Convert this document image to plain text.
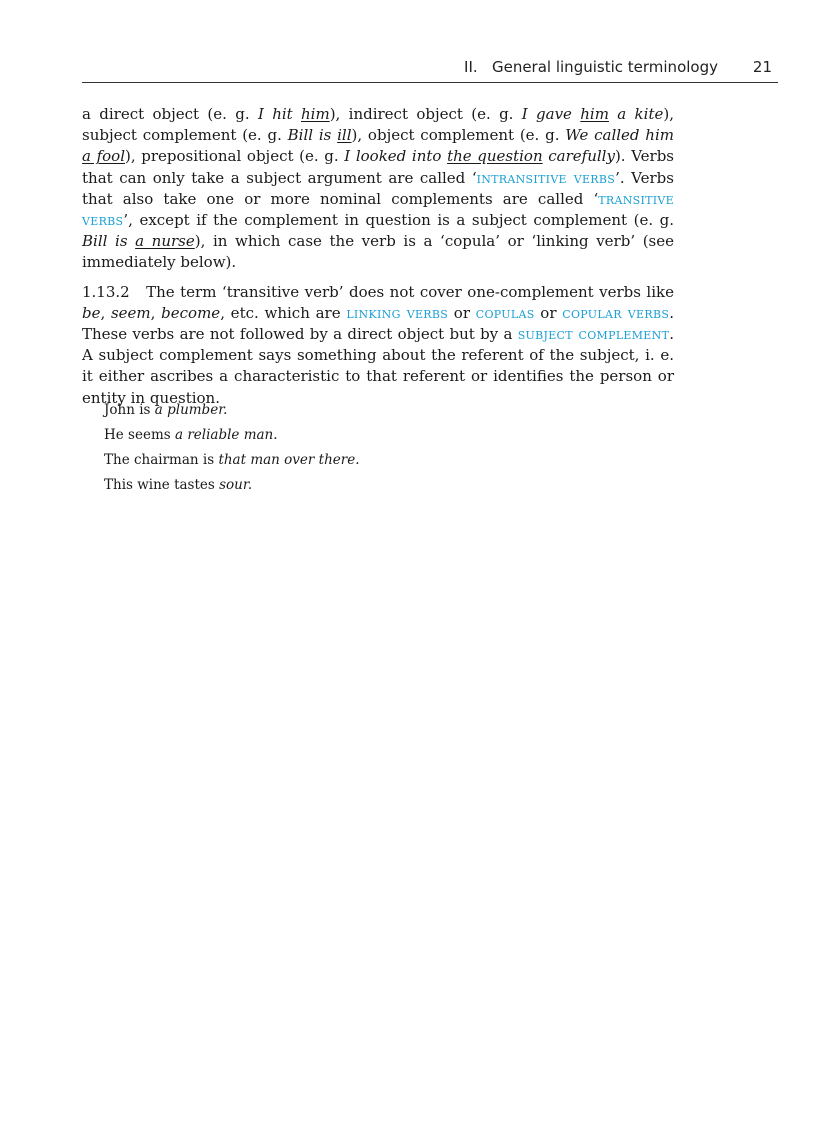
II.   General linguistic terminology 21

a direct object (e. g. I hit him), indirect object (e. g. I gave him a kite), subject complement (e. g. Bill is ill), object complement (e. g. We called him a fool), prepositional object (e. g. I looked into the question carefully). Verbs that can only take a subject argument are called ‘intransitive verbs’. Verbs that also take one or more nominal complements are called ‘transitive verbs’, except if the complement in question is a subject complement (e. g. Bill is a nurse), in which case the verb is a ‘copula’ or ‘linking verb’ (see immediately below).

1.13.2   The term ‘transitive verb’ does not cover one-complement verbs like be, seem, become, etc. which are linking verbs or copulas or copular verbs. These verbs are not followed by a direct object but by a subject complement. A subject complement says something about the referent of the subject, i. e. it either ascribes a characteristic to that referent or identifies the person or entity in question.

John is a plumber.

He seems a reliable man.

The chairman is that man over there.

This wine tastes sour.
